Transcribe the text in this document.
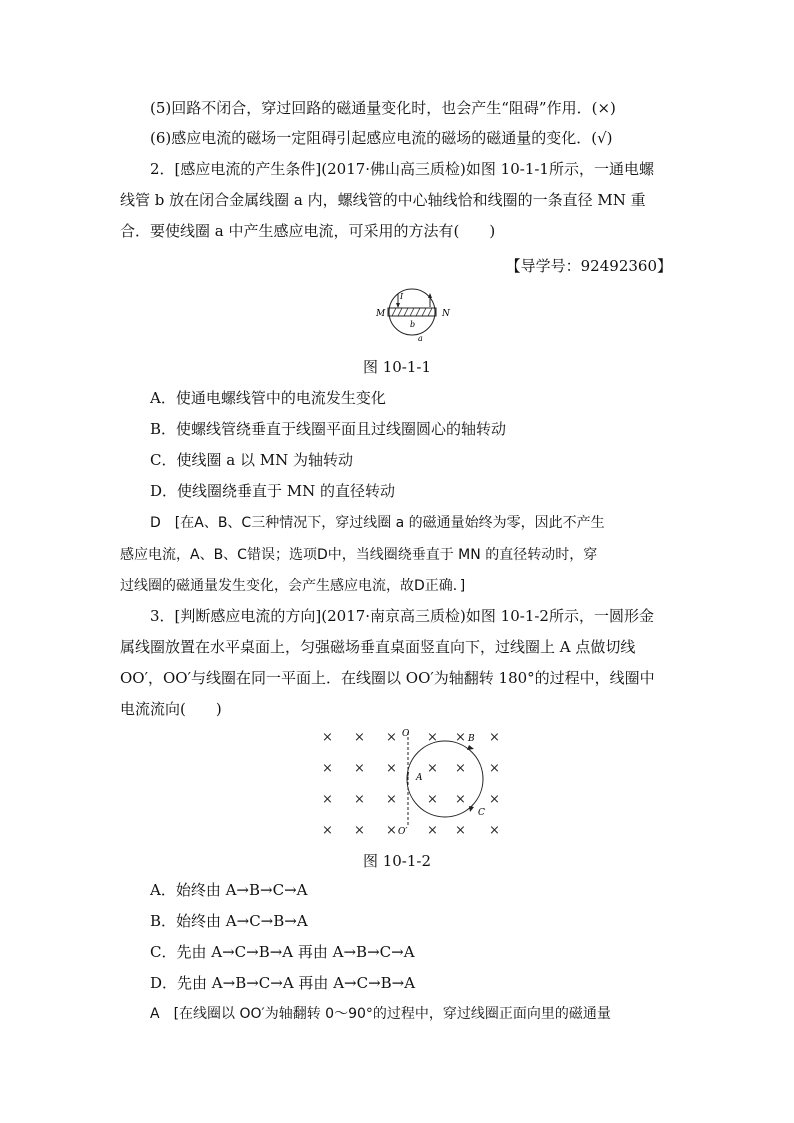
(5)回路不闭合，穿过回路的磁通量变化时，也会产生“阻碍”作用．(×)
(6)感应电流的磁场一定阻碍引起感应电流的磁场的磁通量的变化．(√)
2．[感应电流的产生条件](2017·佛山高三质检)如图 10-1-1所示，一通电螺
线管 b 放在闭合金属线圈 a 内，螺线管的中心轴线恰和线圈的一条直径 MN 重
合．要使线圈 a 中产生感应电流，可采用的方法有(　　)
【导学号：92492360】
M	N
I
b
a
图 10-1-1
A．使通电螺线管中的电流发生变化
B．使螺线管绕垂直于线圈平面且过线圈圆心的轴转动
C．使线圈 a 以 MN 为轴转动
D．使线圈绕垂直于 MN 的直径转动
D　[在A、B、C三种情况下，穿过线圈 a 的磁通量始终为零，因此不产生
感应电流，A、B、C错误；选项D中，当线圈绕垂直于 MN 的直径转动时，穿
过线圈的磁通量发生变化，会产生感应电流，故D正确．]
3．[判断感应电流的方向](2017·南京高三质检)如图 10-1-2所示，一圆形金
属线圈放置在水平桌面上，匀强磁场垂直桌面竖直向下，过线圈上 A 点做切线
OO′，OO′与线圈在同一平面上．在线圈以 OO′为轴翻转 180°的过程中，线圈中
电流流向(　　)
O
O′
A
B
C
× × × × × ×
× × × × × ×
× × × × × ×
× × × × × ×
图 10-1-2
A．始终由 A→B→C→A
B．始终由 A→C→B→A
C．先由 A→C→B→A 再由 A→B→C→A
D．先由 A→B→C→A 再由 A→C→B→A
A　[在线圈以 OO′为轴翻转 0～90°的过程中，穿过线圈正面向里的磁通量
